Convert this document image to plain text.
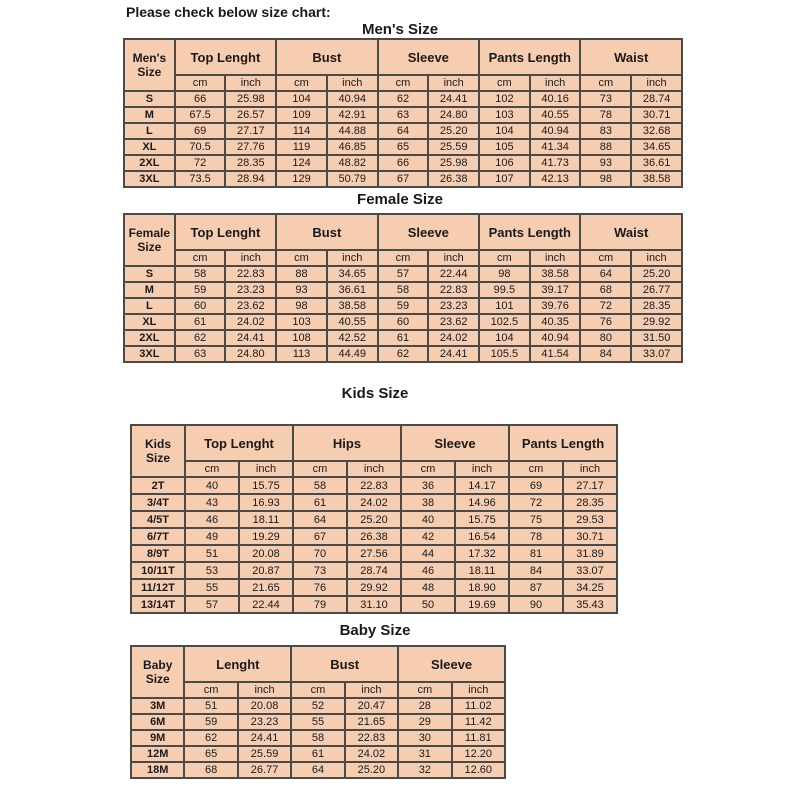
Please check below size chart:
Men's Size
Men's Size	Top Lenght		Bust		Sleeve		Pants Length		Waist	
	cm	inch	cm	inch	cm	inch	cm	inch	cm	inch
S	66	25.98	104	40.94	62	24.41	102	40.16	73	28.74
M	67.5	26.57	109	42.91	63	24.80	103	40.55	78	30.71
L	69	27.17	114	44.88	64	25.20	104	40.94	83	32.68
XL	70.5	27.76	119	46.85	65	25.59	105	41.34	88	34.65
2XL	72	28.35	124	48.82	66	25.98	106	41.73	93	36.61
3XL	73.5	28.94	129	50.79	67	26.38	107	42.13	98	38.58
Female Size
Female Size	Top Lenght		Bust		Sleeve		Pants Length		Waist	
	cm	inch	cm	inch	cm	inch	cm	inch	cm	inch
S	58	22.83	88	34.65	57	22.44	98	38.58	64	25.20
M	59	23.23	93	36.61	58	22.83	99.5	39.17	68	26.77
L	60	23.62	98	38.58	59	23.23	101	39.76	72	28.35
XL	61	24.02	103	40.55	60	23.62	102.5	40.35	76	29.92
2XL	62	24.41	108	42.52	61	24.02	104	40.94	80	31.50
3XL	63	24.80	113	44.49	62	24.41	105.5	41.54	84	33.07
Kids Size
Kids Size	Top Lenght		Hips		Sleeve		Pants Length	
	cm	inch	cm	inch	cm	inch	cm	inch
2T	40	15.75	58	22.83	36	14.17	69	27.17
3/4T	43	16.93	61	24.02	38	14.96	72	28.35
4/5T	46	18.11	64	25.20	40	15.75	75	29.53
6/7T	49	19.29	67	26.38	42	16.54	78	30.71
8/9T	51	20.08	70	27.56	44	17.32	81	31.89
10/11T	53	20.87	73	28.74	46	18.11	84	33.07
11/12T	55	21.65	76	29.92	48	18.90	87	34.25
13/14T	57	22.44	79	31.10	50	19.69	90	35.43
Baby Size
Baby Size	Lenght		Bust		Sleeve	
	cm	inch	cm	inch	cm	inch
3M	51	20.08	52	20.47	28	11.02
6M	59	23.23	55	21.65	29	11.42
9M	62	24.41	58	22.83	30	11.81
12M	65	25.59	61	24.02	31	12.20
18M	68	26.77	64	25.20	32	12.60
